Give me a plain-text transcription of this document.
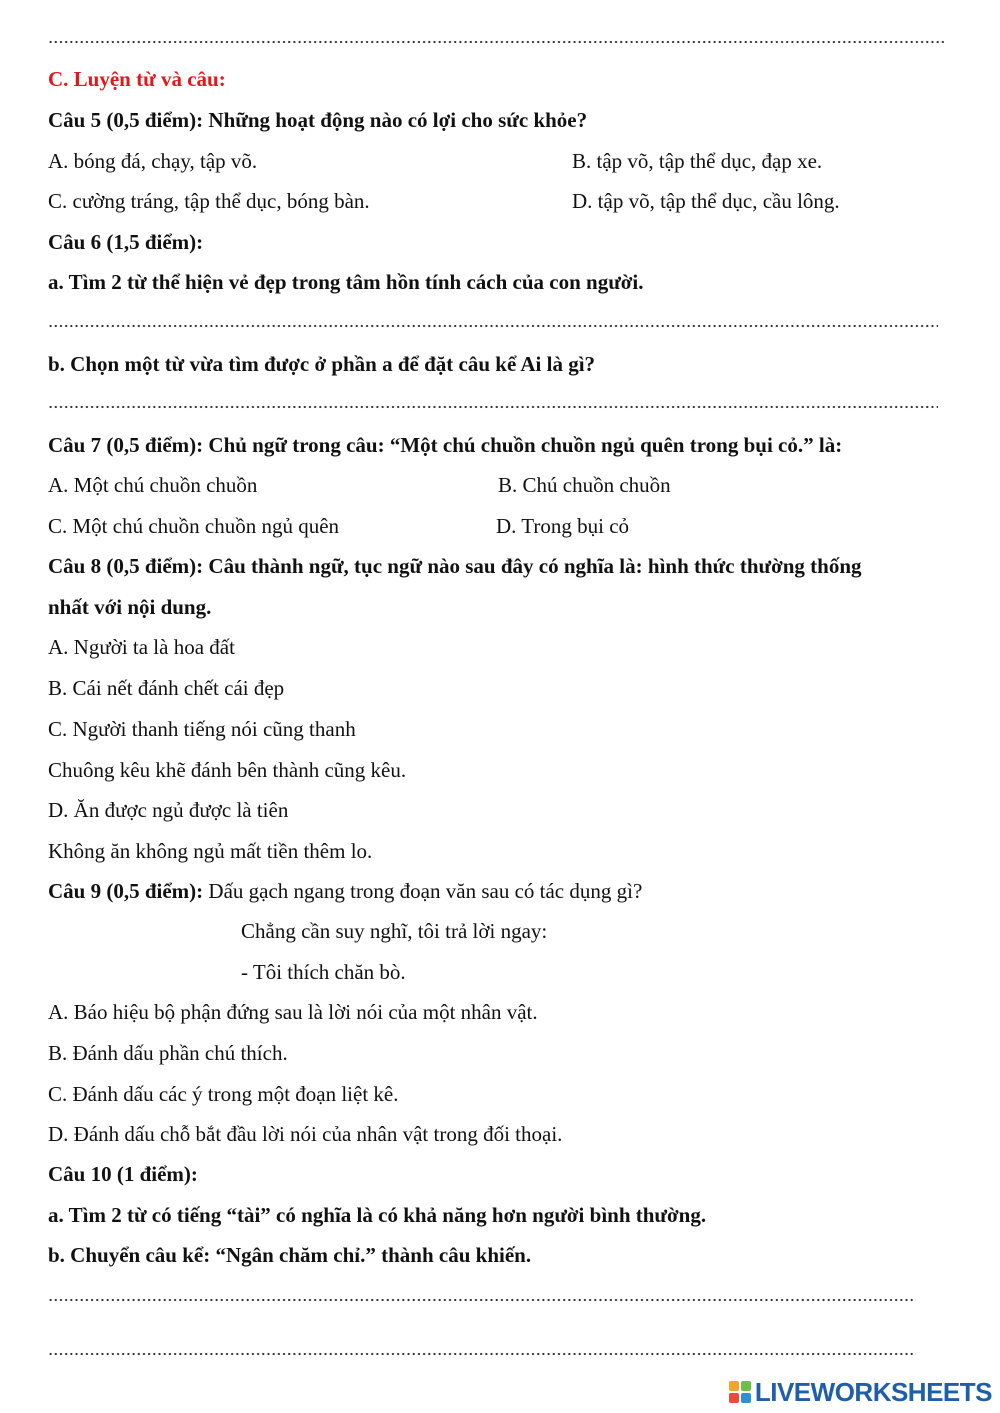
C. Luyện từ và câu:
Câu 5 (0,5 điểm): Những hoạt động nào có lợi cho sức khỏe?
A. bóng đá, chạy, tập võ.	B. tập võ, tập thể dục, đạp xe.
C. cường tráng, tập thể dục, bóng bàn.	D. tập võ, tập thể dục, cầu lông.
Câu 6 (1,5 điểm):
a. Tìm 2 từ thể hiện vẻ đẹp trong tâm hồn tính cách của con người.
b. Chọn một từ vừa tìm được ở phần a để đặt câu kể Ai là gì?
Câu 7 (0,5 điểm): Chủ ngữ trong câu: “Một chú chuồn chuồn ngủ quên trong bụi cỏ.” là:
A. Một chú chuồn chuồn	B. Chú chuồn chuồn
C. Một chú chuồn chuồn ngủ quên	D. Trong bụi cỏ
Câu 8 (0,5 điểm): Câu thành ngữ, tục ngữ nào sau đây có nghĩa là: hình thức thường thống
nhất với nội dung.
A. Người ta là hoa đất
B. Cái nết đánh chết cái đẹp
C. Người thanh tiếng nói cũng thanh
Chuông kêu khẽ đánh bên thành cũng kêu.
D. Ăn được ngủ được là tiên
Không ăn không ngủ mất tiền thêm lo.
Câu 9 (0,5 điểm): Dấu gạch ngang trong đoạn văn sau có tác dụng gì?
Chẳng cần suy nghĩ, tôi trả lời ngay:
- Tôi thích chăn bò.
A. Báo hiệu bộ phận đứng sau là lời nói của một nhân vật.
B. Đánh dấu phần chú thích.
C. Đánh dấu các ý trong một đoạn liệt kê.
D. Đánh dấu chỗ bắt đầu lời nói của nhân vật trong đối thoại.
Câu 10 (1 điểm):
a. Tìm 2 từ có tiếng “tài” có nghĩa là có khả năng hơn người bình thường.
b. Chuyển câu kể: “Ngân chăm chỉ.” thành câu khiến.
LIVEWORKSHEETS
